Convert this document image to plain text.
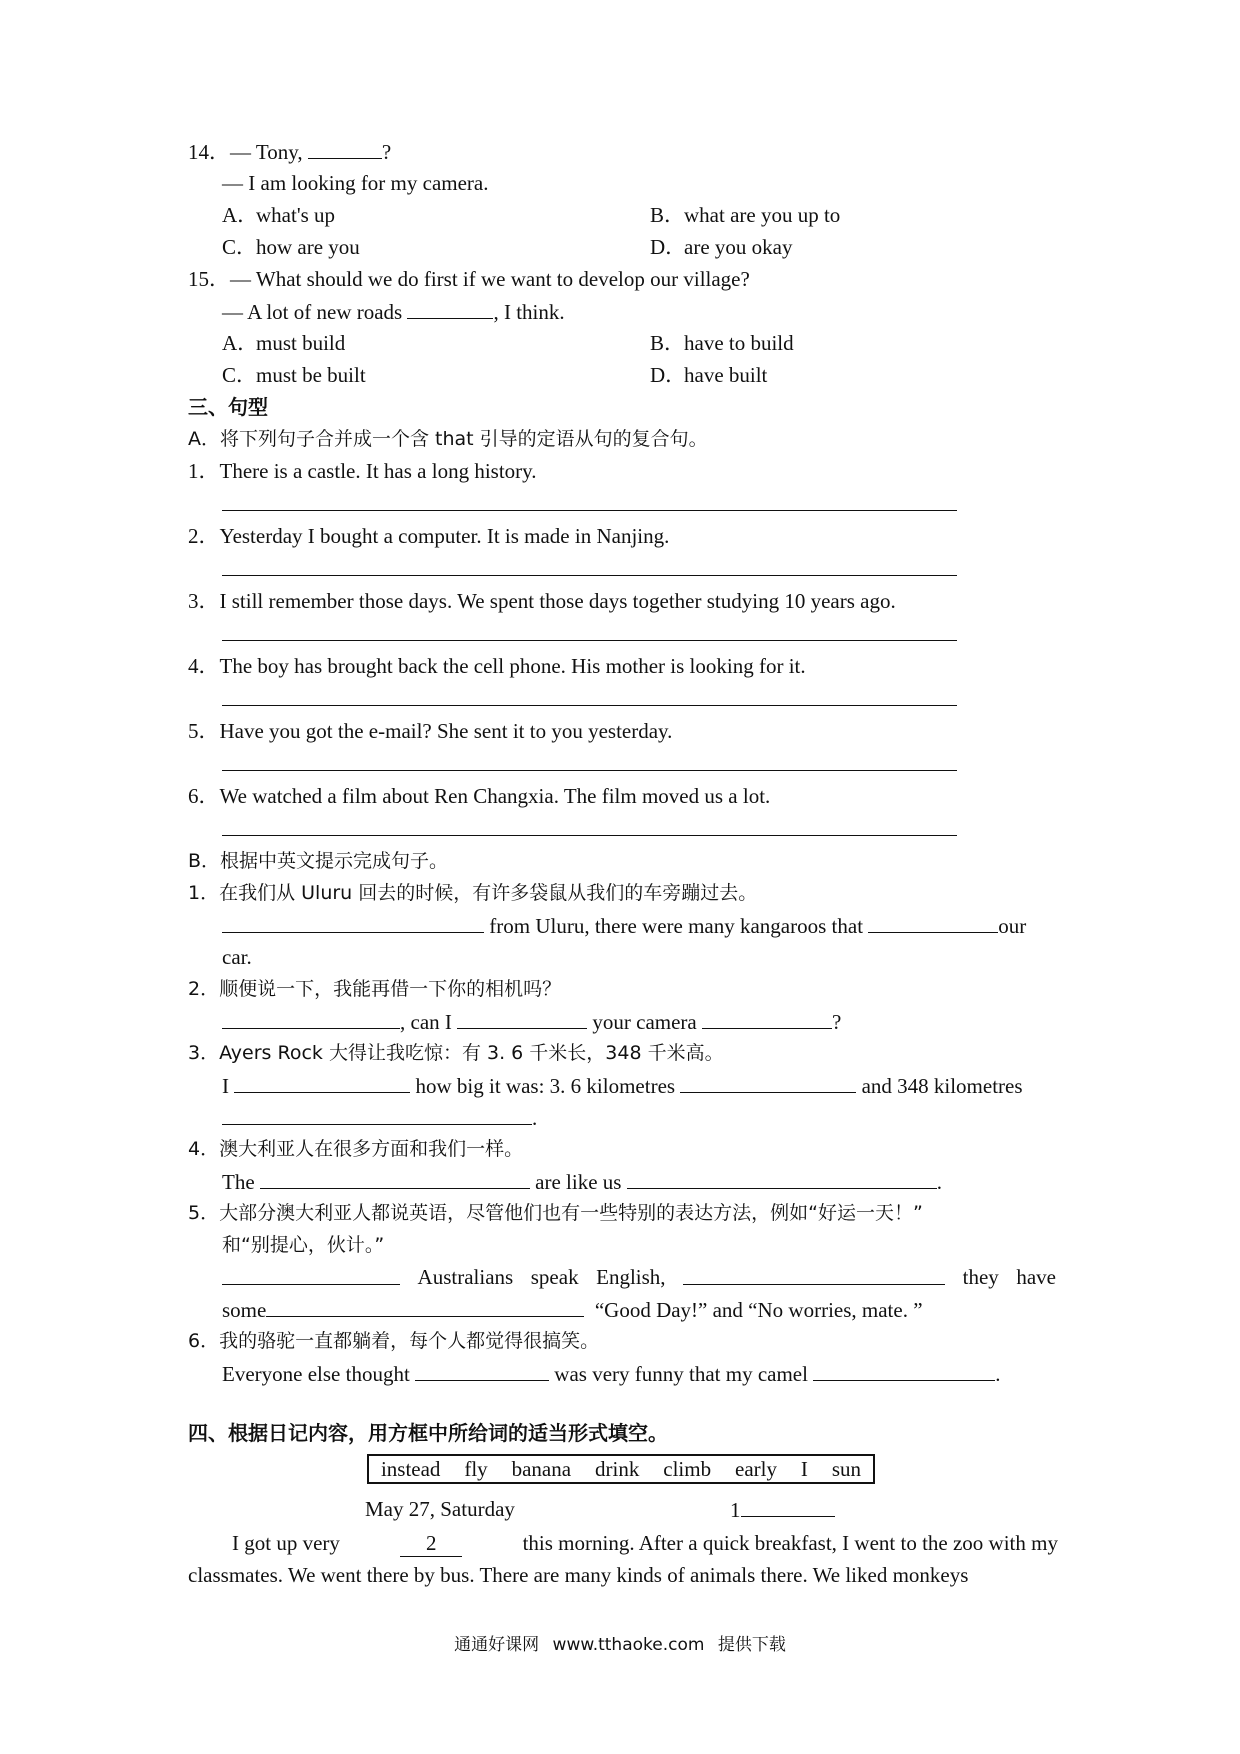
14．— Tony,	?
— I am looking for my camera.
A．what's up	B．what are you up to
C．how are you	D．are you okay
15．— What should we do first if we want to develop our village?
— A lot of new roads	, I think.
A．must build	B．have to build
C．must be built	D．have built
三、句型
A．将下列句子合并成一个含 that 引导的定语从句的复合句。
1．There is a castle. It has a long history.
2．Yesterday I bought a computer. It is made in Nanjing.
3．I still remember those days. We spent those days together studying 10 years ago.
4．The boy has brought back the cell phone. His mother is looking for it.
5．Have you got the e-mail? She sent it to you yesterday.
6．We watched a film about Ren Changxia. The film moved us a lot.
B．根据中英文提示完成句子。
1．在我们从 Uluru 回去的时候，有许多袋鼠从我们的车旁蹦过去。
from Uluru, there were many kangaroos that	our
car.
2．顺便说一下，我能再借一下你的相机吗？
, can I	your camera	?
3．Ayers Rock 大得让我吃惊：有 3. 6 千米长，348 千米高。
I	how big it was: 3. 6 kilometres	and 348 kilometres
.
4．澳大利亚人在很多方面和我们一样。
The	are like us	.
5．大部分澳大利亚人都说英语，尽管他们也有一些特别的表达方法，例如“好运一天！”
和“别提心，伙计。”
Australians speak English,	they have
some	“Good Day!” and “No worries, mate. ”
6．我的骆驼一直都躺着，每个人都觉得很搞笑。
Everyone else thought	was very funny that my camel	.
四、根据日记内容，用方框中所给词的适当形式填空。
instead fly banana drink climb early I sun
May 27, Saturday	1
I got up very	2	this morning. After a quick breakfast, I went to the zoo with my
classmates. We went there by bus. There are many kinds of animals there. We liked monkeys
通通好课网 www.tthaoke.com 提供下载
